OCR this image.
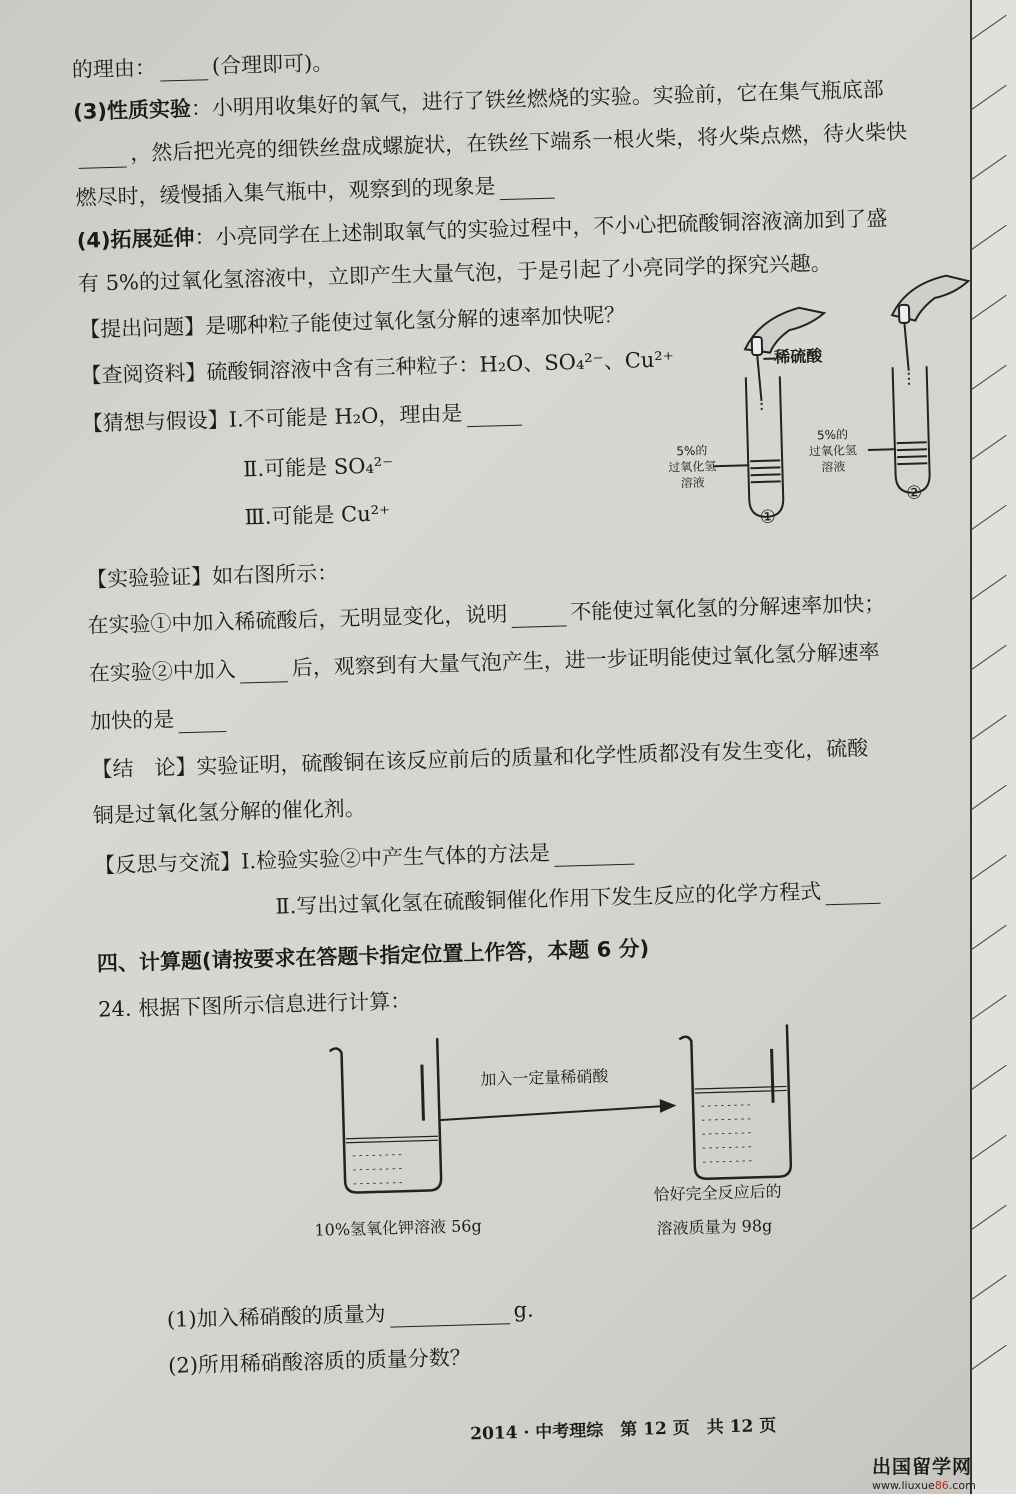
的理由：	(合理即可)。
(3)性质实验：小明用收集好的氧气，进行了铁丝燃烧的实验。实验前，它在集气瓶底部
，然后把光亮的细铁丝盘成螺旋状，在铁丝下端系一根火柴，将火柴点燃，待火柴快
燃尽时，缓慢插入集气瓶中，观察到的现象是
(4)拓展延伸：小亮同学在上述制取氧气的实验过程中，不小心把硫酸铜溶液滴加到了盛
有 5%的过氧化氢溶液中，立即产生大量气泡，于是引起了小亮同学的探究兴趣。
【提出问题】是哪种粒子能使过氧化氢分解的速率加快呢？
【查阅资料】硫酸铜溶液中含有三种粒子：H₂O、SO₄²⁻、Cu²⁺
【猜想与假设】Ⅰ.不可能是 H₂O，理由是
Ⅱ.可能是 SO₄²⁻
Ⅲ.可能是 Cu²⁺
【实验验证】如右图所示：
在实验①中加入稀硫酸后，无明显变化，说明	不能使过氧化氢的分解速率加快；
在实验②中加入	后，观察到有大量气泡产生，进一步证明能使过氧化氢分解速率
加快的是
【结　论】实验证明，硫酸铜在该反应前后的质量和化学性质都没有发生变化，硫酸
铜是过氧化氢分解的催化剂。
【反思与交流】Ⅰ.检验实验②中产生气体的方法是
Ⅱ.写出过氧化氢在硫酸铜催化作用下发生反应的化学方程式
四、计算题(请按要求在答题卡指定位置上作答，本题 6 分)
24. 根据下图所示信息进行计算：
稀硫酸
5%的
过氧化氢
溶液
5%的
过氧化氢
溶液
①
②
- - - - - - - -
- - - - - - - -
- - - - - - - -
- - - - - - - -
- - - - - - - -
- - - - - - - -
- - - - - - - -
- - - - - - - -
加入一定量稀硝酸
10%氢氧化钾溶液 56g
恰好完全反应后的
溶液质量为 98g
(1)加入稀硝酸的质量为	g.
(2)所用稀硝酸溶质的质量分数？
2014 · 中考理综　第 12 页　共 12 页
出国留学网
www.liuxue86.com
